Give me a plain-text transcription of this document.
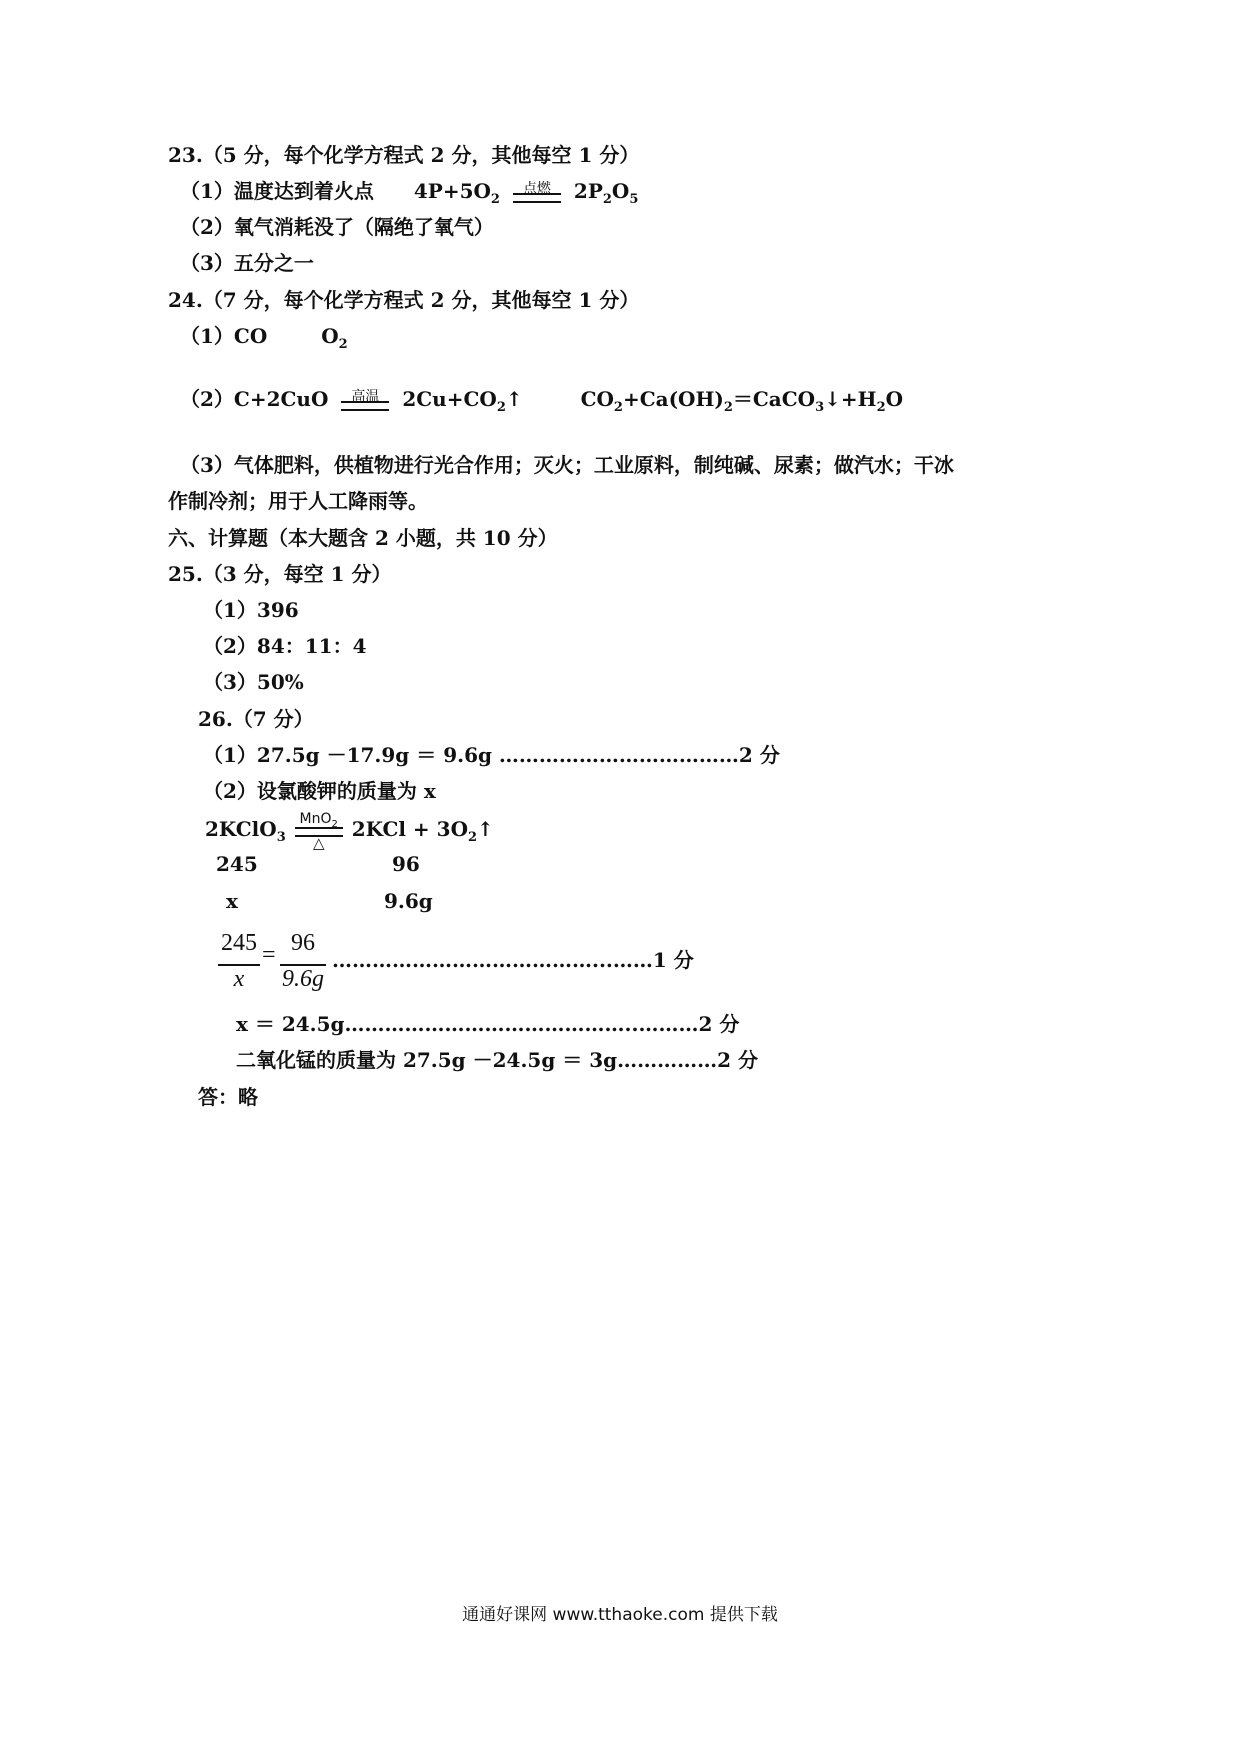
23.（5 分，每个化学方程式 2 分，其他每空 1 分）
（1）温度达到着火点 $4P+5O_2$
点燃	$2P_2O_5$
（2）氧气消耗没了（隔绝了氧气）
（3）五分之一
24.（7 分，每个化学方程式 2 分，其他每空 1 分）
（1）CO	$O_2$
（2）C+2CuO	高温	$2Cu+CO_2↑$	$CO_2+Ca(OH)_2=CaCO_3↓+H_2O$
（3）气体肥料，供植物进行光合作用；灭火；工业原料，制纯碱、尿素；做汽水；干冰
作制冷剂；用于人工降雨等。
六、计算题（本大题含 2 小题，共 10 分）
25.（3 分，每空 1 分）
（1）396
（2）84：11：4
（3）50%
26.（7 分）
（1）27.5g －17.9g ＝ 9.6g ………………………………2 分
（2）设氯酸钾的质量为 x
2KClO$_3$
MnO$_2$
△
$2KCl + 3O_2↑$
245	96
x	9.6g
245
x
= 96
9.6g
…………………………………...……1 分
x ＝ 24.5g……………………………………..………2 分
二氧化锰的质量为 27.5g －24.5g ＝ 3g……………2 分
答：略
通通好课网 www.tthaoke.com 提供下载
